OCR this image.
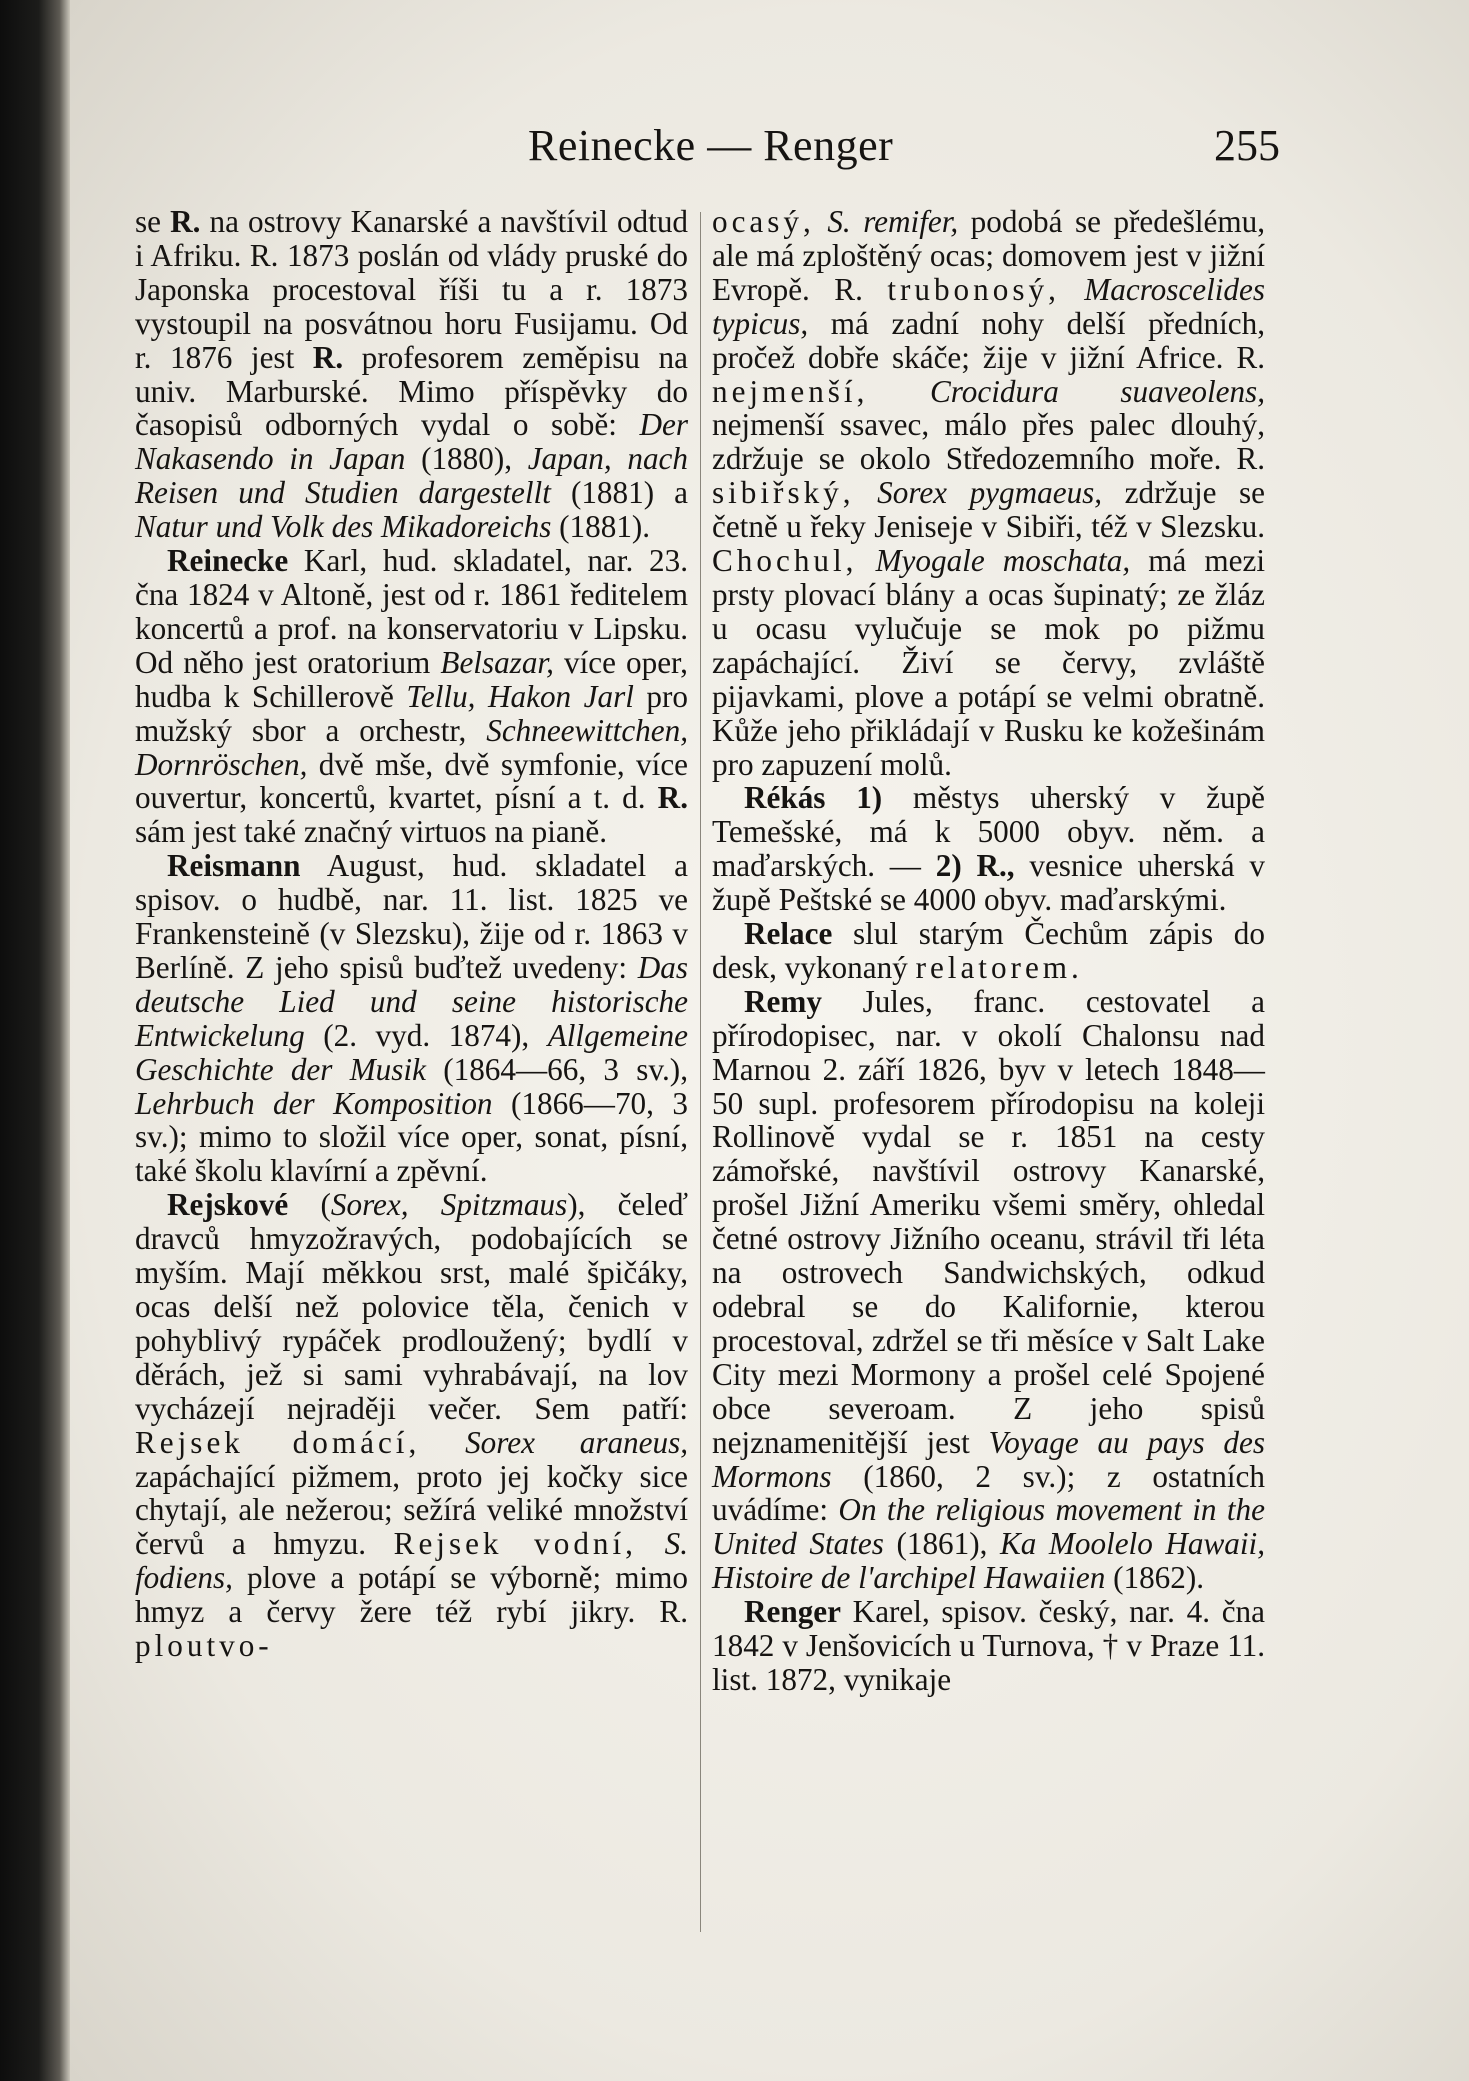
Reinecke — Renger	255

se R. na ostrovy Kanarské a navštívil odtud i Afriku. R. 1873 poslán od vlády pruské do Japonska procestoval říši tu a r. 1873 vystoupil na posvátnou horu Fusijamu. Od r. 1876 jest R. profesorem zeměpisu na univ. Marburské. Mimo příspěvky do časopisů odborných vydal o sobě: Der Nakasendo in Japan (1880), Japan, nach Reisen und Studien dargestellt (1881) a Natur und Volk des Mikadoreichs (1881).

Reinecke Karl, hud. skladatel, nar. 23. čna 1824 v Altoně, jest od r. 1861 ředitelem koncertů a prof. na konservatoriu v Lipsku. Od něho jest oratorium Belsazar, více oper, hudba k Schillerově Tellu, Hakon Jarl pro mužský sbor a orchestr, Schneewittchen, Dornröschen, dvě mše, dvě symfonie, více ouvertur, koncertů, kvartet, písní a t. d. R. sám jest také značný virtuos na pianě.

Reismann August, hud. skladatel a spisov. o hudbě, nar. 11. list. 1825 ve Frankensteině (v Slezsku), žije od r. 1863 v Berlíně. Z jeho spisů buďtež uvedeny: Das deutsche Lied und seine historische Entwickelung (2. vyd. 1874), Allgemeine Geschichte der Musik (1864—66, 3 sv.), Lehrbuch der Komposition (1866—70, 3 sv.); mimo to složil více oper, sonat, písní, také školu klavírní a zpěvní.

Rejskové (Sorex, Spitzmaus), čeleď dravců hmyzožravých, podobajících se myším. Mají měkkou srst, malé špičáky, ocas delší než polovice těla, čenich v pohyblivý rypáček prodloužený; bydlí v děrách, jež si sami vyhrabávají, na lov vycházejí nejraději večer. Sem patří: Rejsek domácí, Sorex araneus, zapáchající pižmem, proto jej kočky sice chytají, ale nežerou; sežírá veliké množství červů a hmyzu. Rejsek vodní, S. fodiens, plove a potápí se výborně; mimo hmyz a červy žere též rybí jikry. R. ploutvo-

ocasý, S. remifer, podobá se předešlému, ale má zploštěný ocas; domovem jest v jižní Evropě. R. trubonosý, Macroscelides typicus, má zadní nohy delší předních, pročež dobře skáče; žije v jižní Africe. R. nejmenší, Crocidura suaveolens, nejmenší ssavec, málo přes palec dlouhý, zdržuje se okolo Středozemního moře. R. sibiřský, Sorex pygmaeus, zdržuje se četně u řeky Jeniseje v Sibiři, též v Slezsku. Chochul, Myogale moschata, má mezi prsty plovací blány a ocas šupinatý; ze žláz u ocasu vylučuje se mok po pižmu zapáchající. Živí se červy, zvláště pijavkami, plove a potápí se velmi obratně. Kůže jeho přikládají v Rusku ke kožešinám pro zapuzení molů.

Rékás 1) městys uherský v župě Temešské, má k 5000 obyv. něm. a maďarských. — 2) R., vesnice uherská v župě Peštské se 4000 obyv. maďarskými.

Relace slul starým Čechům zápis do desk, vykonaný relatorem.

Remy Jules, franc. cestovatel a přírodopisec, nar. v okolí Chalonsu nad Marnou 2. září 1826, byv v letech 1848—50 supl. profesorem přírodopisu na koleji Rollinově vydal se r. 1851 na cesty zámořské, navštívil ostrovy Kanarské, prošel Jižní Ameriku všemi směry, ohledal četné ostrovy Jižního oceanu, strávil tři léta na ostrovech Sandwichských, odkud odebral se do Kalifornie, kterou procestoval, zdržel se tři měsíce v Salt Lake City mezi Mormony a prošel celé Spojené obce severoam. Z jeho spisů nejznamenitější jest Voyage au pays des Mormons (1860, 2 sv.); z ostatních uvádíme: On the religious movement in the United States (1861), Ka Moolelo Hawaii, Histoire de l'archipel Hawaiien (1862).

Renger Karel, spisov. český, nar. 4. čna 1842 v Jenšovicích u Turnova, † v Praze 11. list. 1872, vynikaje
